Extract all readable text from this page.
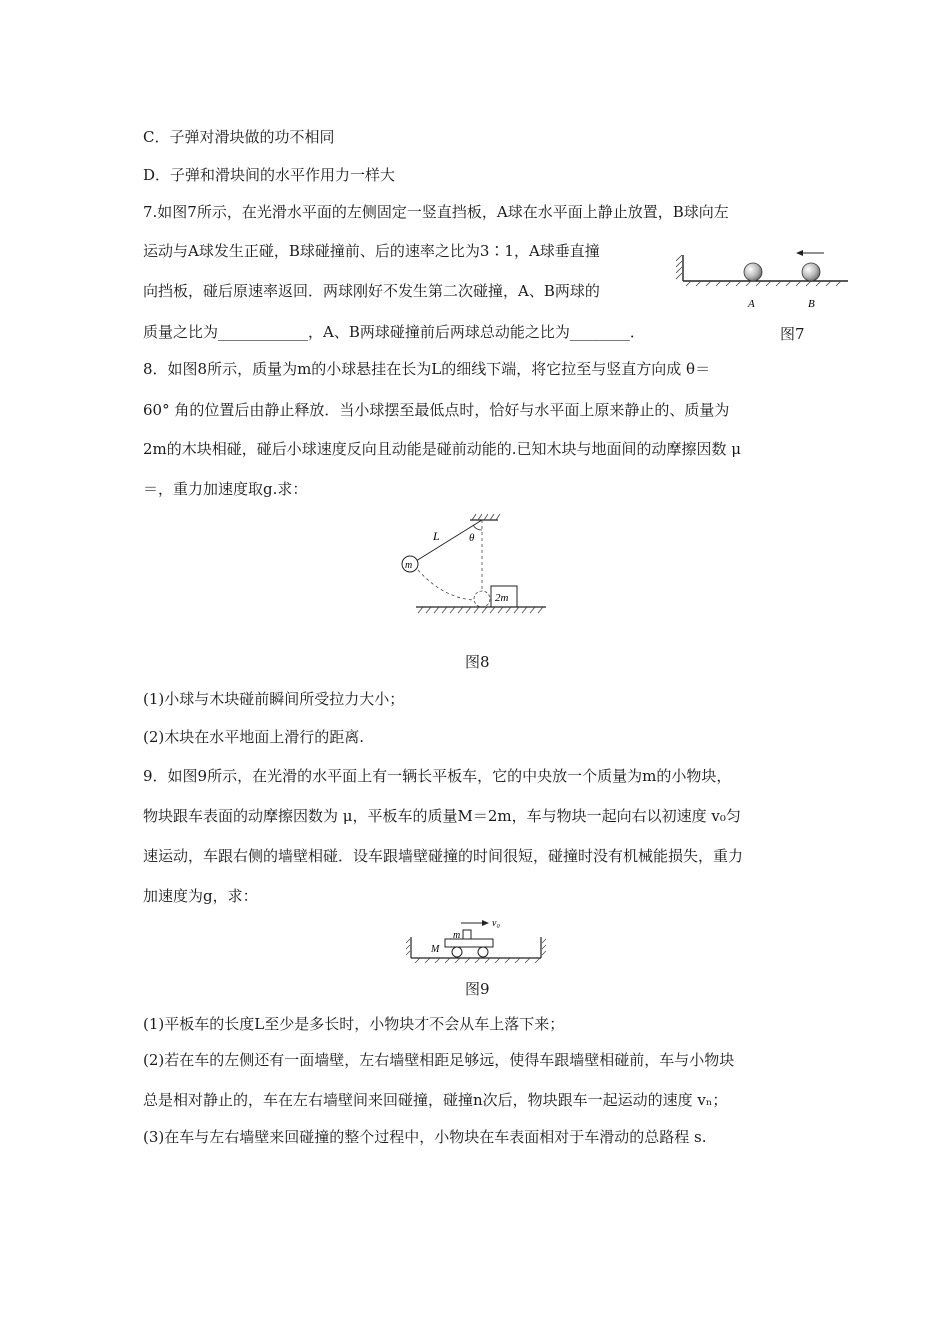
C．子弹对滑块做的功不相同
D．子弹和滑块间的水平作用力一样大
7.如图7所示，在光滑水平面的左侧固定一竖直挡板，A球在水平面上静止放置，B球向左
运动与A球发生正碰，B球碰撞前、后的速率之比为3∶1，A球垂直撞
向挡板，碰后原速率返回．两球刚好不发生第二次碰撞，A、B两球的
质量之比为____________，A、B两球碰撞前后两球总动能之比为________．
A	B
图7
8．如图8所示，质量为m的小球悬挂在长为L的细线下端，将它拉至与竖直方向成 θ＝
60° 角的位置后由静止释放．当小球摆至最低点时，恰好与水平面上原来静止的、质量为
2m的木块相碰，碰后小球速度反向且动能是碰前动能的.已知木块与地面间的动摩擦因数 μ
＝，重力加速度取g.求：
θ
L
m
2m
图8
(1)小球与木块碰前瞬间所受拉力大小；
(2)木块在水平地面上滑行的距离.
9．如图9所示，在光滑的水平面上有一辆长平板车，它的中央放一个质量为m的小物块，
物块跟车表面的动摩擦因数为 μ，平板车的质量M＝2m，车与物块一起向右以初速度 v₀匀
速运动，车跟右侧的墙壁相碰．设车跟墙壁碰撞的时间很短，碰撞时没有机械能损失，重力
加速度为g，求：
m
M
v₀
图9
(1)平板车的长度L至少是多长时，小物块才不会从车上落下来；
(2)若在车的左侧还有一面墙壁，左右墙壁相距足够远，使得车跟墙壁相碰前，车与小物块
总是相对静止的，车在左右墙壁间来回碰撞，碰撞n次后，物块跟车一起运动的速度 vₙ；
(3)在车与左右墙壁来回碰撞的整个过程中，小物块在车表面相对于车滑动的总路程 s.
